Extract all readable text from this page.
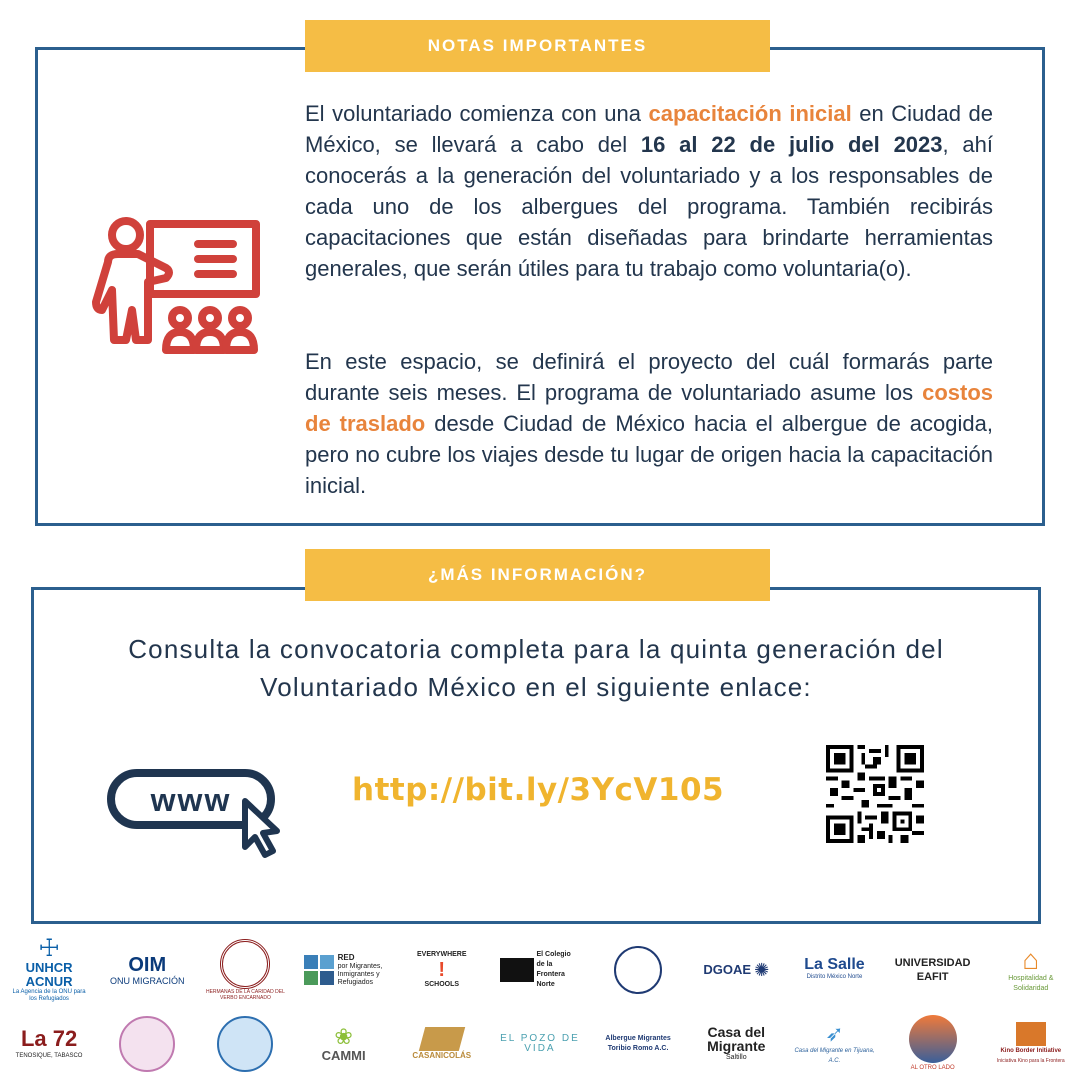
NOTAS IMPORTANTES
El voluntariado comienza con una capacitación inicial en Ciudad de México, se llevará a cabo del 16 al 22 de julio del 2023, ahí conocerás a la generación del voluntariado y a los responsables de cada uno de los albergues del programa. También recibirás capacitaciones que están diseñadas para brindarte herramientas generales, que serán útiles para tu trabajo como voluntaria(o).
En este espacio, se definirá el proyecto del cuál formarás parte durante seis meses. El programa de voluntariado asume los costos de traslado desde Ciudad de México hacia el albergue de acogida, pero no cubre los viajes desde tu lugar de origen hacia la capacitación inicial.
¿MÁS INFORMACIÓN?
Consulta la convocatoria completa para la quinta generación del
Voluntariado México en el siguiente enlace:
www	http://bit.ly/3YcV105
☩
UNHCR ACNUR
La Agencia de la ONU para los Refugiados
OIM
ONU MIGRACIÓN
HERMANAS DE LA CARIDAD DEL VERBO ENCARNADO
RED
por Migrantes, Inmigrantes y Refugiados
EVERYWHERE
!
SCHOOLS
El Colegio de la Frontera Norte
DGOAE ✺ La Salle
Distrito México Norte
UNIVERSIDAD EAFIT
⌂
Hospitalidad & Solidaridad
La 72
TENOSIQUE, TABASCO
❀
CAMMI	CASANICOLÁS
EL POZO DE VIDA
Albergue Migrantes Toribio Romo A.C.
Casa del Migrante
Saltillo
➶
Casa del Migrante en Tijuana, A.C.
AL OTRO LADO
Kino Border Initiative
Iniciativa Kino para la Frontera
